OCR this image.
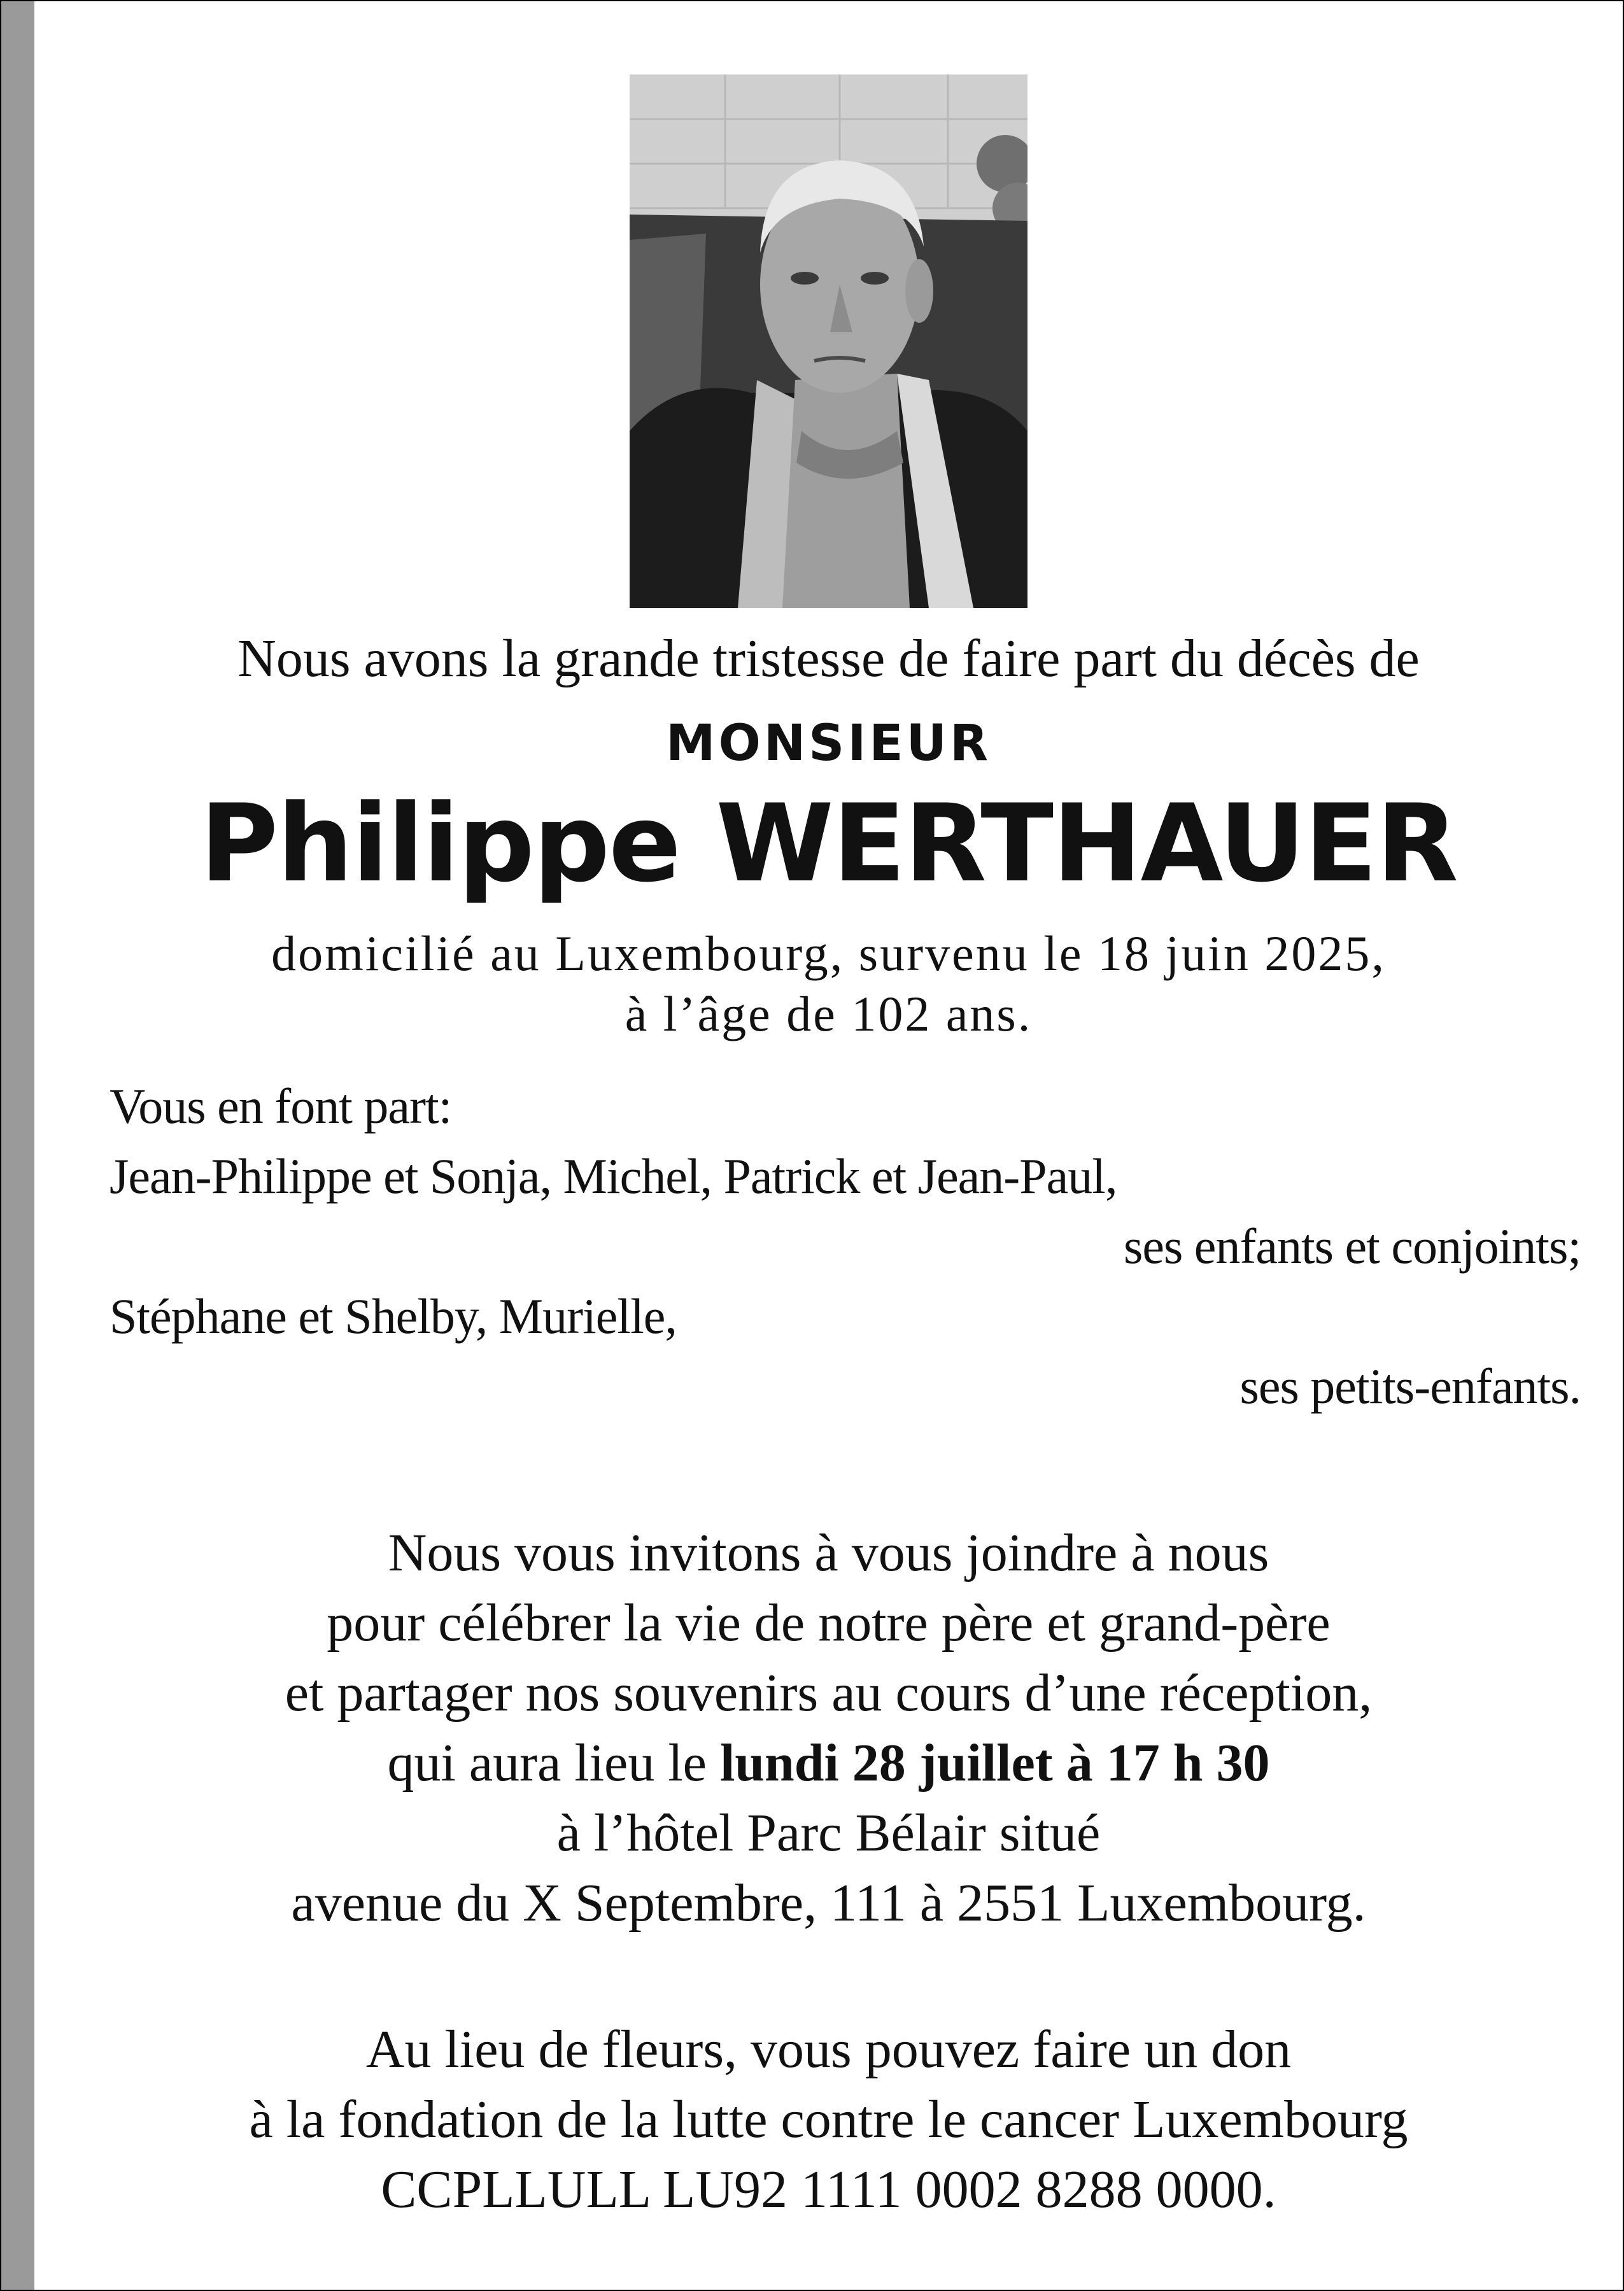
Nous avons la grande tristesse de faire part du décès de
MONSIEUR
Philippe WERTHAUER
domicilié au Luxembourg, survenu le 18 juin 2025,
à l’âge de 102 ans.
Vous en font part:
Jean-Philippe et Sonja, Michel, Patrick et Jean-Paul,
ses enfants et conjoints;
Stéphane et Shelby, Murielle,
ses petits-enfants.
Nous vous invitons à vous joindre à nous
pour célébrer la vie de notre père et grand-père
et partager nos souvenirs au cours d’une réception,
qui aura lieu le lundi 28 juillet à 17 h 30
à l’hôtel Parc Bélair situé
avenue du X Septembre, 111 à 2551 Luxembourg.
Au lieu de fleurs, vous pouvez faire un don
à la fondation de la lutte contre le cancer Luxembourg
CCPLLULL LU92 1111 0002 8288 0000.
